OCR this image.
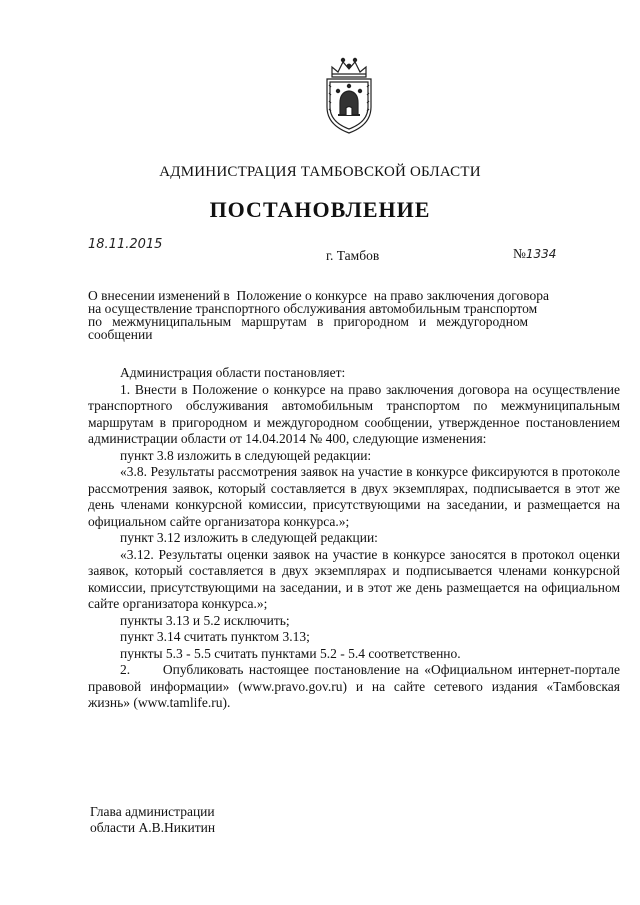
АДМИНИСТРАЦИЯ ТАМБОВСКОЙ ОБЛАСТИ
ПОСТАНОВЛЕНИЕ
18.11.2015
г. Тамбов	№1334
О внесении изменений в  Положение о конкурсе  на право заключения договора
на осуществление транспортного обслуживания автомобильным транспортом
по   межмуниципальным   маршрутам   в   пригородном   и   междугородном
сообщении
Администрация области постановляет:
1. Внести в Положение о конкурсе на право заключения договора на осуществление транспортного обслуживания автомобильным транспортом по межмуниципальным маршрутам в пригородном и междугородном сообщении, утвержденное постановлением администрации области от 14.04.2014 № 400, следующие изменения:
пункт 3.8 изложить в следующей редакции:
«3.8. Результаты рассмотрения заявок на участие в конкурсе фиксируются в протоколе рассмотрения заявок, который составляется в двух экземплярах, подписывается в этот же день членами конкурсной комиссии, присутствующими на заседании, и размещается на официальном сайте организатора конкурса.»;
пункт 3.12 изложить в следующей редакции:
«3.12. Результаты оценки заявок на участие в конкурсе заносятся в протокол оценки заявок, который составляется в двух экземплярах и подписывается членами конкурсной комиссии, присутствующими на заседании, и в этот же день размещается на официальном сайте организатора конкурса.»;
пункты 3.13 и 5.2 исключить;
пункт 3.14 считать пунктом 3.13;
пункты 5.3 - 5.5 считать пунктами 5.2 - 5.4 соответственно.
2.      Опубликовать настоящее постановление на «Официальном интернет-портале правовой информации» (www.pravo.gov.ru) и на сайте сетевого издания «Тамбовская жизнь» (www.tamlife.ru).
Глава администрации
области А.В.Никитин
